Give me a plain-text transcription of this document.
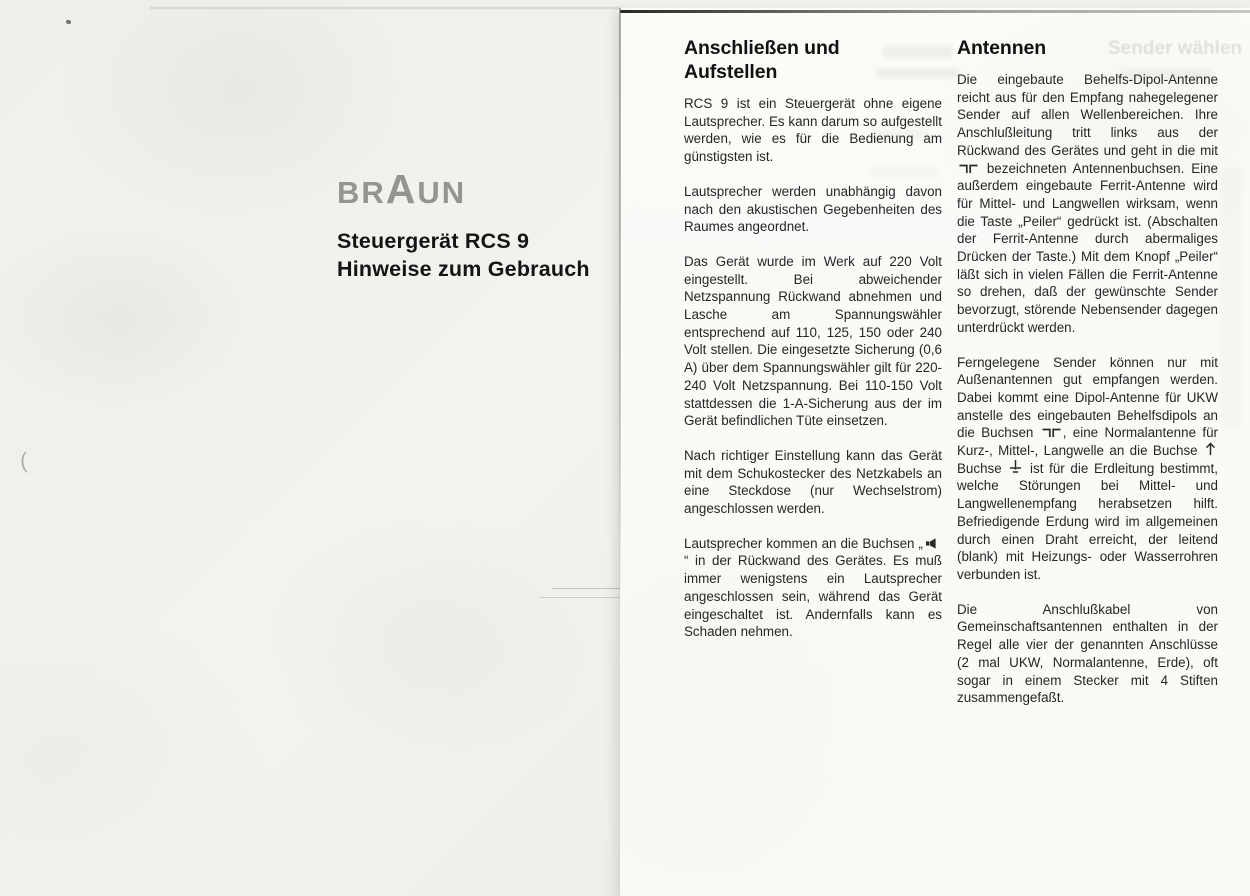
BRAUN
Steuergerät RCS 9
Hinweise zum Gebrauch
(
Sender wählen
Anschließen und
Aufstellen

RCS 9 ist ein Steuergerät ohne eigene Lautsprecher. Es kann darum so aufgestellt werden, wie es für die Bedienung am günstigsten ist.

Lautsprecher werden unabhängig davon nach den akustischen Gegebenheiten des Raumes angeordnet.

Das Gerät wurde im Werk auf 220 Volt eingestellt. Bei abweichender Netzspannung Rückwand abnehmen und Lasche am Spannungswähler entsprechend auf 110, 125, 150 oder 240 Volt stellen. Die eingesetzte Sicherung (0,6 A) über dem Spannungswähler gilt für 220-240 Volt Netzspannung. Bei 110-150 Volt stattdessen die 1-A-Sicherung aus der im Gerät befindlichen Tüte einsetzen.

Nach richtiger Einstellung kann das Gerät mit dem Schukostecker des Netzkabels an eine Steckdose (nur Wechselstrom) angeschlossen werden.

Lautsprecher kommen an die Buchsen „“ in der Rückwand des Gerätes. Es muß immer wenigstens ein Lautsprecher angeschlossen sein, während das Gerät eingeschaltet ist. Andernfalls kann es Schaden nehmen.

Antennen

Die eingebaute Behelfs-Dipol-Antenne reicht aus für den Empfang nahegelegener Sender auf allen Wellenbereichen. Ihre Anschlußleitung tritt links aus der Rückwand des Gerätes und geht in die mit  bezeichneten Antennenbuchsen. Eine außerdem eingebaute Ferrit-Antenne wird für Mittel- und Langwellen wirksam, wenn die Taste „Peiler“ gedrückt ist. (Abschalten der Ferrit-Antenne durch abermaliges Drücken der Taste.) Mit dem Knopf „Peiler“ läßt sich in vielen Fällen die Ferrit-Antenne so drehen, daß der gewünschte Sender bevorzugt, störende Nebensender dagegen unterdrückt werden.

Ferngelegene Sender können nur mit Außenantennen gut empfangen werden. Dabei kommt eine Dipol-Antenne für UKW anstelle des eingebauten Behelfsdipols an die Buchsen , eine Normalantenne für Kurz-, Mittel-, Langwelle an die Buchse  Buchse  ist für die Erdleitung bestimmt, welche Störungen bei Mittel- und Langwellenempfang herabsetzen hilft. Befriedigende Erdung wird im allgemeinen durch einen Draht erreicht, der leitend (blank) mit Heizungs- oder Wasserrohren verbunden ist.

Die Anschlußkabel von Gemeinschaftsantennen enthalten in der Regel alle vier der genannten Anschlüsse (2 mal UKW, Normalantenne, Erde), oft sogar in einem Stecker mit 4 Stiften zusammengefaßt.
